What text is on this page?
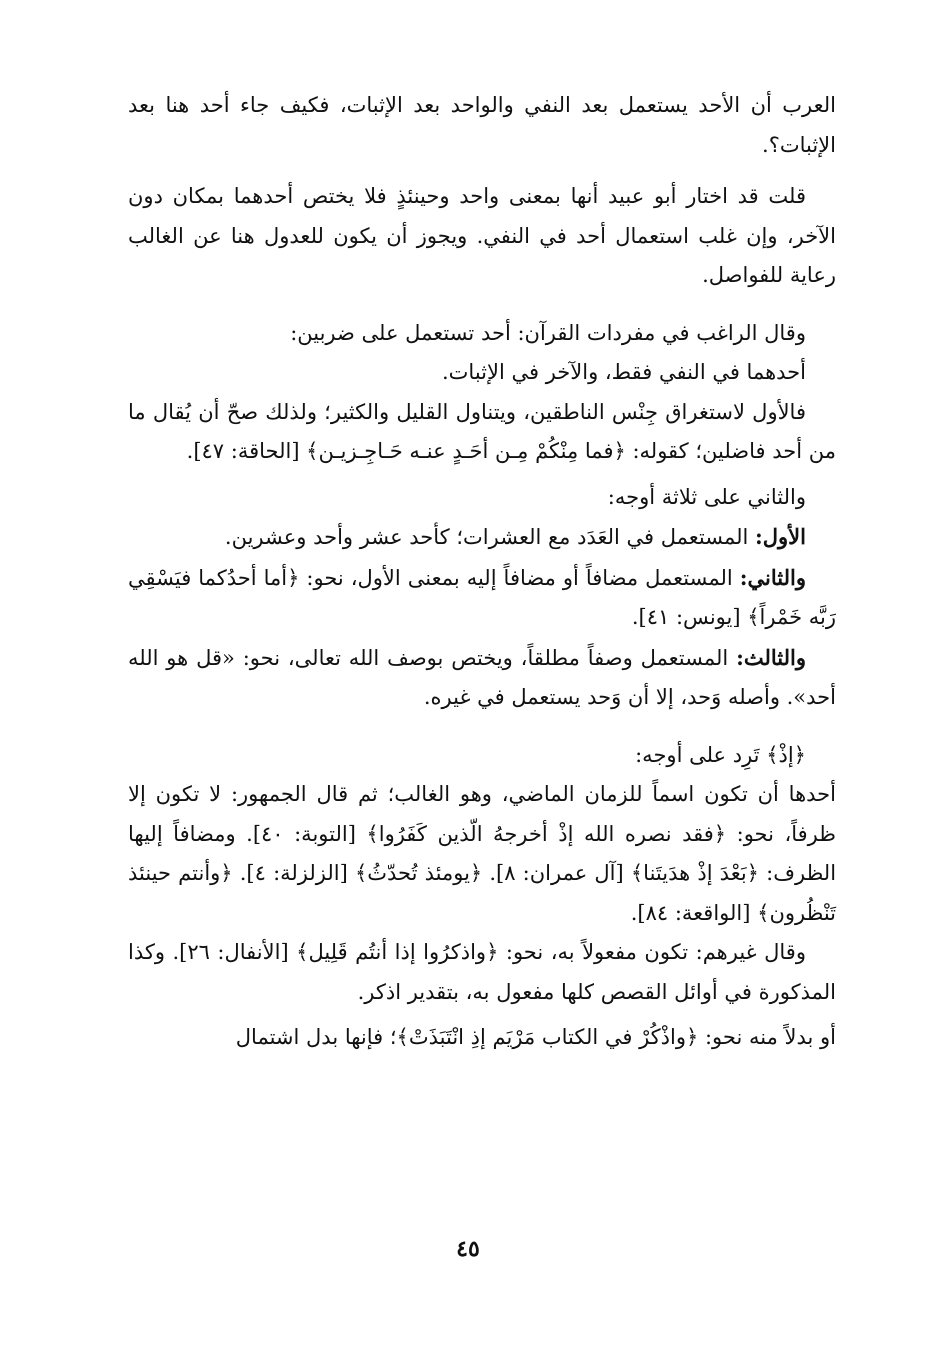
العرب أن الأحد يستعمل بعد النفي والواحد بعد الإثبات، فكيف جاء أحد هنا بعد الإثبات؟.

قلت قد اختار أبو عبيد أنها بمعنى واحد وحينئذٍ فلا يختص أحدهما بمكان دون الآخر، وإن غلب استعمال أحد في النفي. ويجوز أن يكون للعدول هنا عن الغالب رعاية للفواصل.

وقال الراغب في مفردات القرآن: أحد تستعمل على ضربين:

أحدهما في النفي فقط، والآخر في الإثبات.

فالأول لاستغراق جِنْس الناطقين، ويتناول القليل والكثير؛ ولذلك صحّ أن يُقال ما من أحد فاضلين؛ كقوله: ﴿فما مِنْكُمْ مِـن أحَـدٍ عنـه حَـاجِـزيـن﴾ [الحاقة: ٤٧].

والثاني على ثلاثة أوجه:

الأول: المستعمل في العَدَد مع العشرات؛ كأحد عشر وأحد وعشرين.

والثاني: المستعمل مضافاً أو مضافاً إليه بمعنى الأول، نحو: ﴿أما أحدُكما فيَسْقِي رَبَّه خَمْراً﴾ [يونس: ٤١].

والثالث: المستعمل وصفاً مطلقاً، ويختص بوصف الله تعالى، نحو: «قل هو الله أحد». وأصله وَحد، إلا أن وَحد يستعمل في غيره.

﴿إذْ﴾ تَرِد على أوجه:

أحدها أن تكون اسماً للزمان الماضي، وهو الغالب؛ ثم قال الجمهور: لا تكون إلا ظرفاً، نحو: ﴿فقد نصره الله إذْ أخرجهُ الّذين كَفَرُوا﴾ [التوبة: ٤٠]. ومضافاً إليها الظرف: ﴿بَعْدَ إذْ هدَيتَنا﴾ [آل عمران: ٨]. ﴿يومئذ تُحدّثُ﴾ [الزلزلة: ٤]. ﴿وأنتم حينئذ تَنْظُرون﴾ [الواقعة: ٨٤].

وقال غيرهم: تكون مفعولاً به، نحو: ﴿واذكرُوا إذا أنتُم قَلِيل﴾ [الأنفال: ٢٦]. وكذا المذكورة في أوائل القصص كلها مفعول به، بتقدير اذكر.

أو بدلاً منه نحو: ﴿واذْكُرْ في الكتاب مَرْيَم إذِ انْتَبَذَتْ﴾؛ فإنها بدل اشتمال

٤٥
